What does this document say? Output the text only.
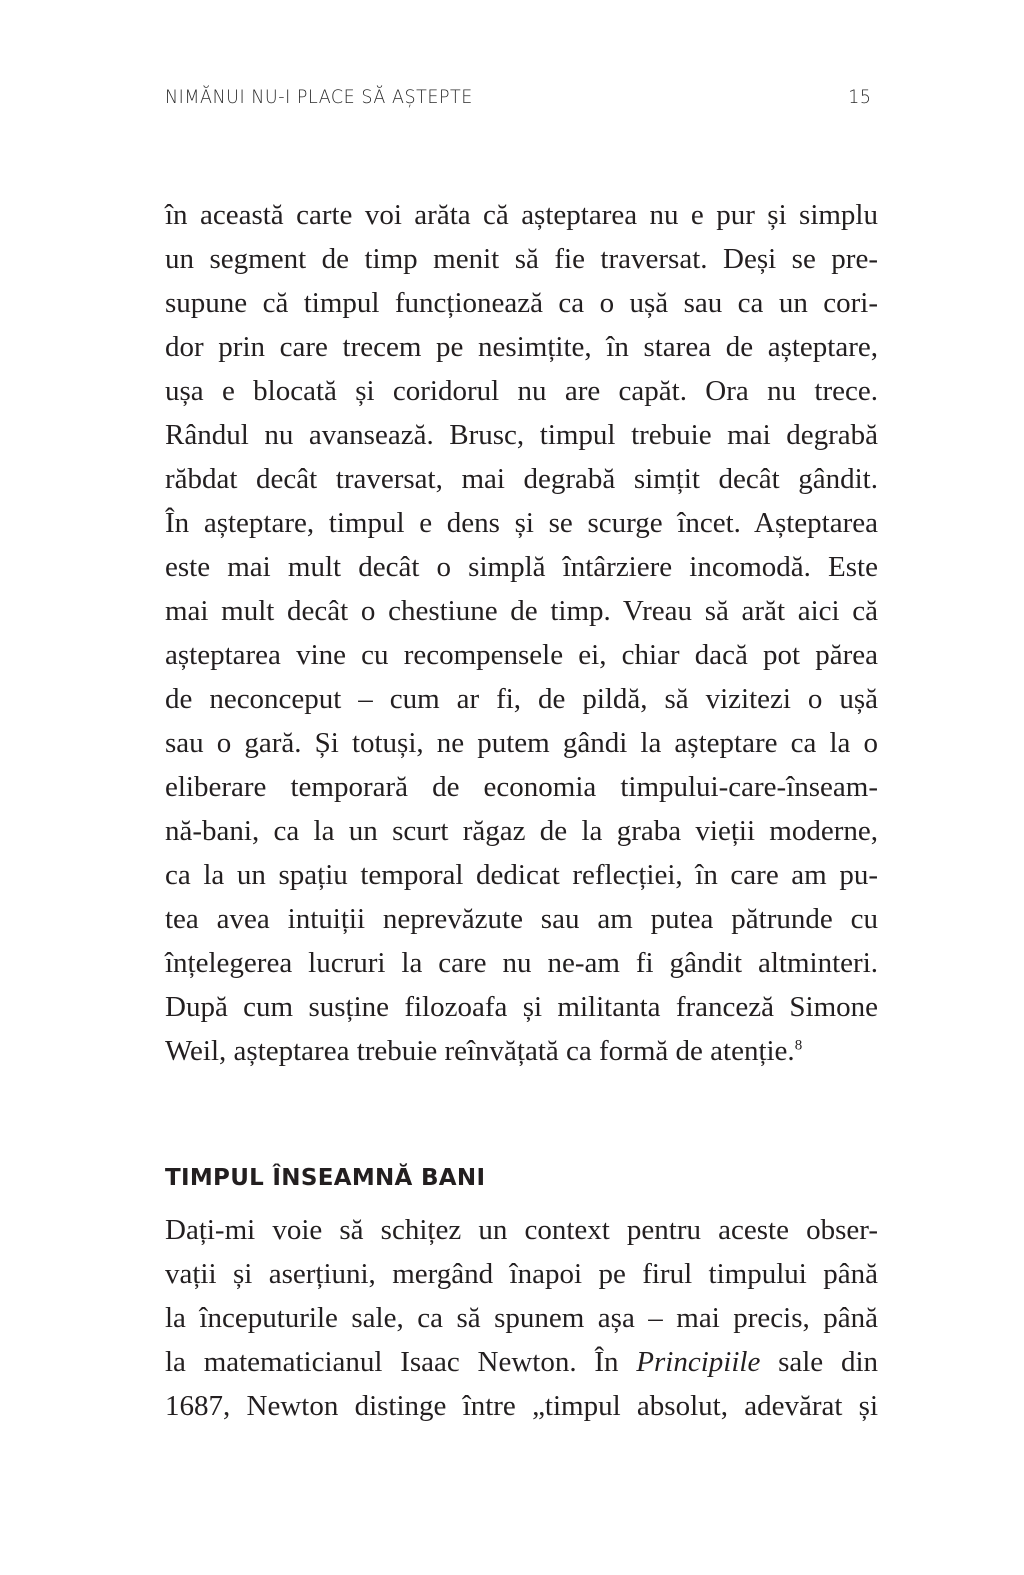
NIMĂNUI NU-I PLACE SĂ AȘTEPTE	15
în această carte voi arăta că așteptarea nu e pur și simplu
un segment de timp menit să fie traversat. Deși se pre-
supune că timpul funcționează ca o ușă sau ca un cori-
dor prin care trecem pe nesimțite, în starea de așteptare,
ușa e blocată și coridorul nu are capăt. Ora nu trece.
Rândul nu avansează. Brusc, timpul trebuie mai degrabă
răbdat decât traversat, mai degrabă simțit decât gândit.
În așteptare, timpul e dens și se scurge încet. Așteptarea
este mai mult decât o simplă întârziere incomodă. Este
mai mult decât o chestiune de timp. Vreau să arăt aici că
așteptarea vine cu recompensele ei, chiar dacă pot părea
de neconceput – cum ar fi, de pildă, să vizitezi o ușă
sau o gară. Și totuși, ne putem gândi la așteptare ca la o
eliberare temporară de economia timpului-care-înseam-
nă-bani, ca la un scurt răgaz de la graba vieții moderne,
ca la un spațiu temporal dedicat reflecției, în care am pu-
tea avea intuiții neprevăzute sau am putea pătrunde cu
înțelegerea lucruri la care nu ne-am fi gândit altminteri.
După cum susține filozoafa și militanta franceză Simone
Weil, așteptarea trebuie reînvățată ca formă de atenție.$^8$
TIMPUL ÎNSEAMNĂ BANI
Dați-mi voie să schițez un context pentru aceste obser-
vații și aserțiuni, mergând înapoi pe firul timpului până
la începuturile sale, ca să spunem așa – mai precis, până
la matematicianul Isaac Newton. În Principiile sale din
1687, Newton distinge între „timpul absolut, adevărat și
